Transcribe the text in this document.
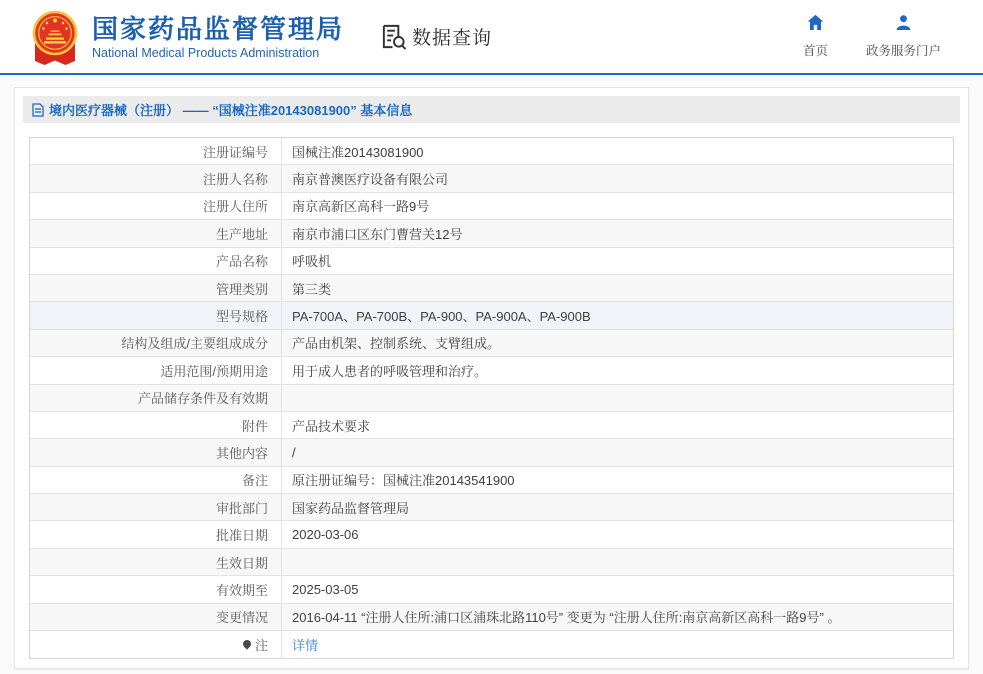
国家药品监督管理局
National Medical Products Administration
数据查询
首页	政务服务门户
境内医疗器械（注册） —— “国械注准20143081900” 基本信息
注册证编号	国械注准20143081900
注册人名称	南京普澳医疗设备有限公司
注册人住所	南京高新区高科一路9号
生产地址	南京市浦口区东门曹营关12号
产品名称	呼吸机
管理类别	第三类
型号规格	PA-700A、PA-700B、PA-900、PA-900A、PA-900B
结构及组成/主要组成成分	产品由机架、控制系统、支臂组成。
适用范围/预期用途	用于成人患者的呼吸管理和治疗。
产品储存条件及有效期
附件	产品技术要求
其他内容	/
备注	原注册证编号：国械注准20143541900
审批部门	国家药品监督管理局
批准日期	2020-03-06
生效日期
有效期至	2025-03-05
变更情况	2016-04-11 “注册人住所:浦口区浦珠北路110号” 变更为 “注册人住所:南京高新区高科一路9号” 。
注 详情
